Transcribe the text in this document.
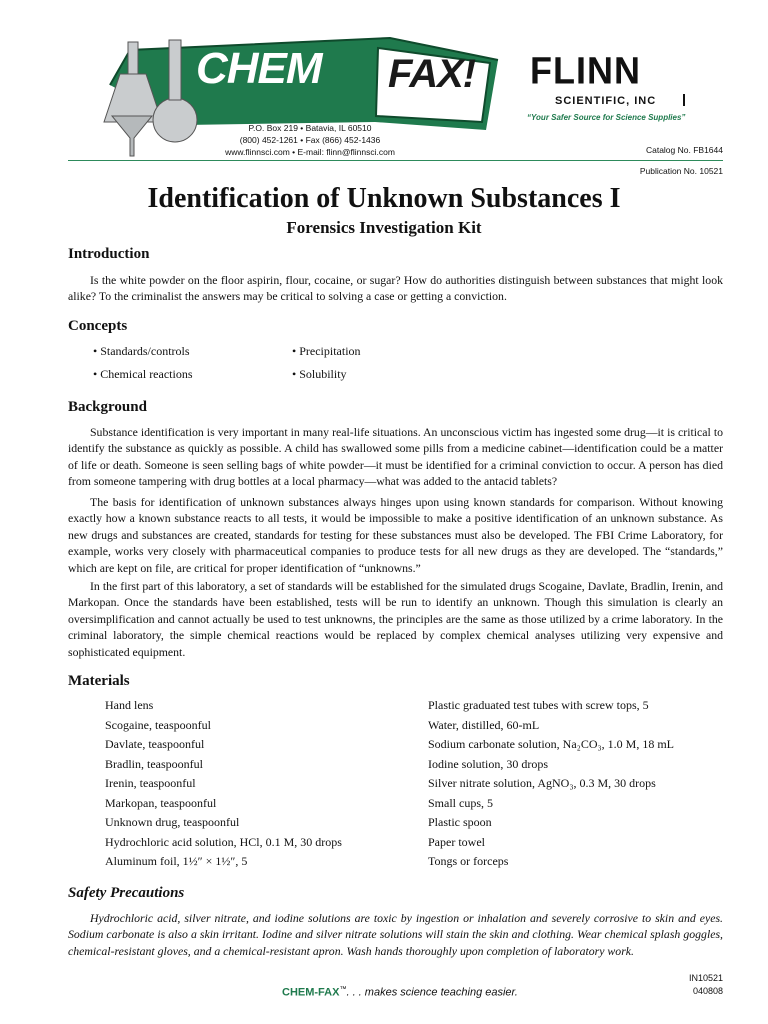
CHEM FAX!
P.O. Box 219 • Batavia, IL 60510
(800) 452-1261 • Fax (866) 452-1436
www.flinnsci.com • E-mail: flinn@flinnsci.com
FLINN
SCIENTIFIC, INC
“Your Safer Source for Science Supplies”
Catalog No. FB1644
Publication No. 10521
Identification of Unknown Substances I
Forensics Investigation Kit
Introduction

Is the white powder on the floor aspirin, flour, cocaine, or sugar? How do authorities distinguish between substances that might look alike? To the criminalist the answers may be critical to solving a case or getting a conviction.

Concepts

• Standards/controls

• Chemical reactions

• Precipitation

• Solubility

Background

Substance identification is very important in many real-life situations. An unconscious victim has ingested some drug—it is critical to identify the substance as quickly as possible. A child has swallowed some pills from a medicine cabinet—identification could be a matter of life or death. Someone is seen selling bags of white powder—it must be identified for a criminal conviction to occur. A person has died from someone tampering with drug bottles at a local pharmacy—what was added to the antacid tablets?

The basis for identification of unknown substances always hinges upon using known standards for comparison. Without knowing exactly how a known substance reacts to all tests, it would be impossible to make a positive identification of an unknown substance. As new drugs and substances are created, standards for testing for these substances must also be developed. The FBI Crime Laboratory, for example, works very closely with pharmaceutical companies to produce tests for all new drugs as they are developed. The “standards,” which are kept on file, are critical for proper identification of “unknowns.”

In the first part of this laboratory, a set of standards will be established for the simulated drugs Scogaine, Davlate, Bradlin, Irenin, and Markopan. Once the standards have been established, tests will be run to identify an unknown. Though this simulation is clearly an oversimplification and cannot actually be used to test unknowns, the principles are the same as those utilized by a crime laboratory. In the criminal laboratory, the simple chemical reactions would be replaced by complex chemical analyses utilizing very expensive and sophisticated equipment.

Materials

Hand lens

Scogaine, teaspoonful

Davlate, teaspoonful

Bradlin, teaspoonful

Irenin, teaspoonful

Markopan, teaspoonful

Unknown drug, teaspoonful

Hydrochloric acid solution, HCl, 0.1 M, 30 drops

Aluminum foil, 1½″ × 1½″, 5

Plastic graduated test tubes with screw tops, 5

Water, distilled, 60-mL

Sodium carbonate solution, Na₂CO₃, 1.0 M, 18 mL

Iodine solution, 30 drops

Silver nitrate solution, AgNO₃, 0.3 M, 30 drops

Small cups, 5

Plastic spoon

Paper towel

Tongs or forceps

Safety Precautions

Hydrochloric acid, silver nitrate, and iodine solutions are toxic by ingestion or inhalation and severely corrosive to skin and eyes. Sodium carbonate is also a skin irritant. Iodine and silver nitrate solutions will stain the skin and clothing. Wear chemical splash goggles, chemical-resistant gloves, and a chemical-resistant apron. Wash hands thoroughly upon completion of laboratory work.

CHEM-FAX™. . . makes science teaching easier.
IN10521
040808
